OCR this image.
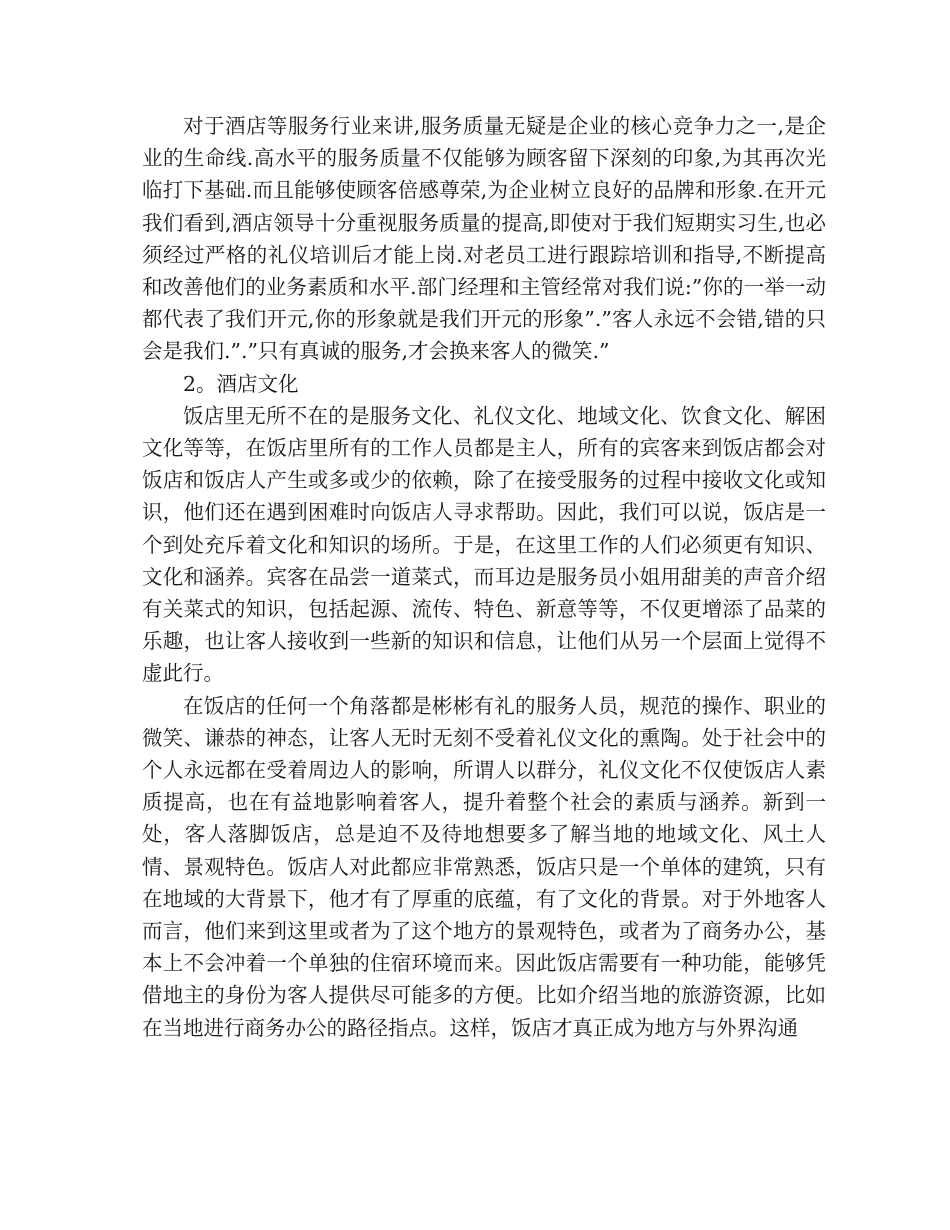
对于酒店等服务行业来讲,服务质量无疑是企业的核心竞争力之一,是企业的生命线.高水平的服务质量不仅能够为顾客留下深刻的印象,为其再次光临打下基础.而且能够使顾客倍感尊荣,为企业树立良好的品牌和形象.在开元我们看到,酒店领导十分重视服务质量的提高,即使对于我们短期实习生,也必须经过严格的礼仪培训后才能上岗.对老员工进行跟踪培训和指导,不断提高和改善他们的业务素质和水平.部门经理和主管经常对我们说:”你的一举一动都代表了我们开元,你的形象就是我们开元的形象”.”客人永远不会错,错的只会是我们.”.”只有真诚的服务,才会换来客人的微笑.”

2。酒店文化

饭店里无所不在的是服务文化、礼仪文化、地域文化、饮食文化、解困文化等等，在饭店里所有的工作人员都是主人，所有的宾客来到饭店都会对饭店和饭店人产生或多或少的依赖，除了在接受服务的过程中接收文化或知识，他们还在遇到困难时向饭店人寻求帮助。因此，我们可以说，饭店是一个到处充斥着文化和知识的场所。于是，在这里工作的人们必须更有知识、文化和涵养。宾客在品尝一道菜式，而耳边是服务员小姐用甜美的声音介绍有关菜式的知识，包括起源、流传、特色、新意等等，不仅更增添了品菜的乐趣，也让客人接收到一些新的知识和信息，让他们从另一个层面上觉得不虚此行。

在饭店的任何一个角落都是彬彬有礼的服务人员，规范的操作、职业的微笑、谦恭的神态，让客人无时无刻不受着礼仪文化的熏陶。处于社会中的个人永远都在受着周边人的影响，所谓人以群分，礼仪文化不仅使饭店人素质提高，也在有益地影响着客人，提升着整个社会的素质与涵养。新到一处，客人落脚饭店，总是迫不及待地想要多了解当地的地域文化、风土人情、景观特色。饭店人对此都应非常熟悉，饭店只是一个单体的建筑，只有在地域的大背景下，他才有了厚重的底蕴，有了文化的背景。对于外地客人而言，他们来到这里或者为了这个地方的景观特色，或者为了商务办公，基本上不会冲着一个单独的住宿环境而来。因此饭店需要有一种功能，能够凭借地主的身份为客人提供尽可能多的方便。比如介绍当地的旅游资源，比如在当地进行商务办公的路径指点。这样，饭店才真正成为地方与外界沟通
